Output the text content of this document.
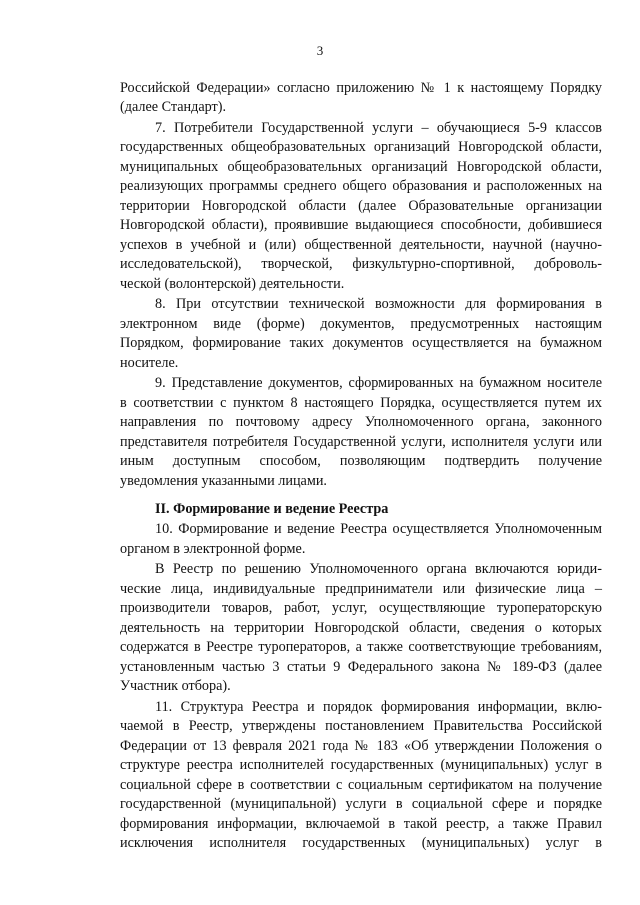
3
Российской Федерации» согласно приложению № 1 к настоящему Порядку
(далее Стандарт).
7. Потребители Государственной услуги – обучающиеся 5-9 классов
государственных общеобразовательных организаций Новгородской области,
муниципальных общеобразовательных организаций Новгородской области,
реализующих программы среднего общего образования и расположенных на
территории Новгородской области (далее Образовательные организации
Новгородской области), проявившие выдающиеся способности, добившиеся
успехов в учебной и (или) общественной деятельности, научной (научно-
исследовательской), творческой, физкультурно-спортивной, доброволь-
ческой (волонтерской) деятельности.
8. При отсутствии технической возможности для формирования в
электронном виде (форме) документов, предусмотренных настоящим
Порядком, формирование таких документов осуществляется на бумажном
носителе.
9. Представление документов, сформированных на бумажном носителе
в соответствии с пунктом 8 настоящего Порядка, осуществляется путем их
направления по почтовому адресу Уполномоченного органа, законного
представителя потребителя Государственной услуги, исполнителя услуги или
иным доступным способом, позволяющим подтвердить получение
уведомления указанными лицами.
II. Формирование и ведение Реестра
10. Формирование и ведение Реестра осуществляется Уполномоченным
органом в электронной форме.
В Реестр по решению Уполномоченного органа включаются юриди-
ческие лица, индивидуальные предприниматели или физические лица –
производители товаров, работ, услуг, осуществляющие туроператорскую
деятельность на территории Новгородской области, сведения о которых
содержатся в Реестре туроператоров, а также соответствующие требованиям,
установленным частью 3 статьи 9 Федерального закона № 189-ФЗ (далее
Участник отбора).
11. Структура Реестра и порядок формирования информации, вклю-
чаемой в Реестр, утверждены постановлением Правительства Российской
Федерации от 13 февраля 2021 года № 183 «Об утверждении Положения о
структуре реестра исполнителей государственных (муниципальных) услуг в
социальной сфере в соответствии с социальным сертификатом на получение
государственной (муниципальной) услуги в социальной сфере и порядке
формирования информации, включаемой в такой реестр, а также Правил
исключения исполнителя государственных (муниципальных) услуг в
